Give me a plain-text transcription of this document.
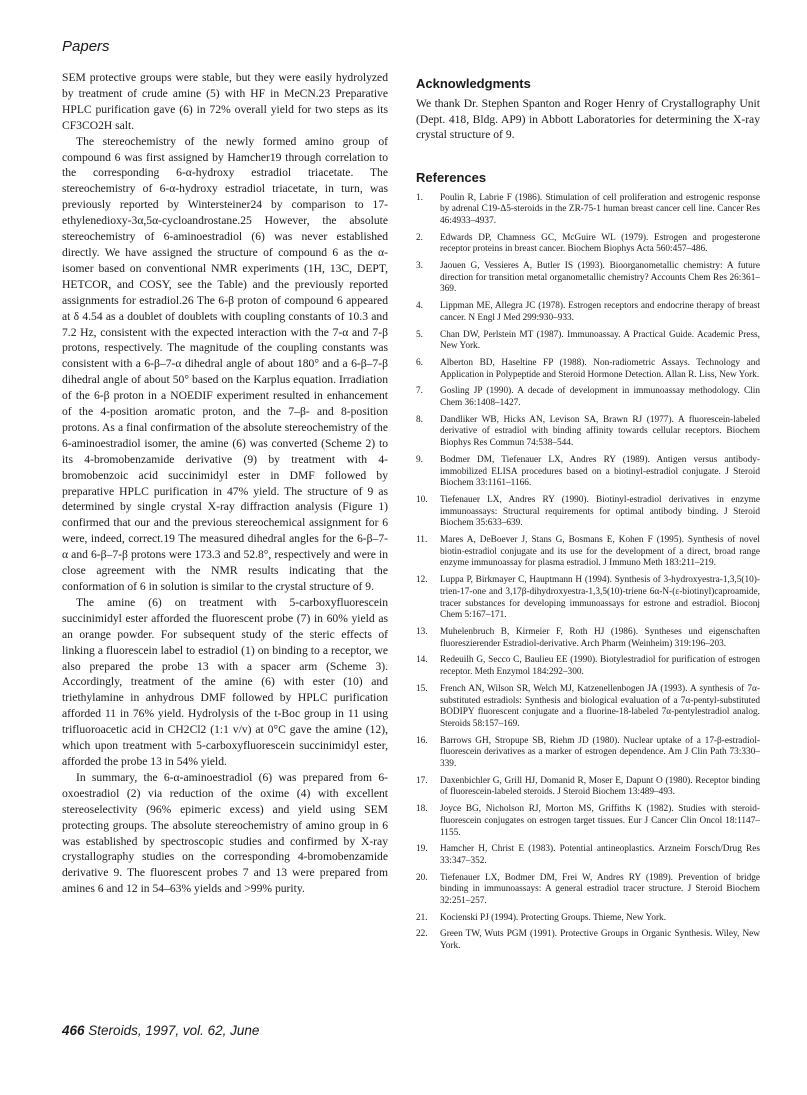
Papers

SEM protective groups were stable, but they were easily hydrolyzed by treatment of crude amine (5) with HF in MeCN.23 Preparative HPLC purification gave (6) in 72% overall yield for two steps as its CF3CO2H salt.

The stereochemistry of the newly formed amino group of compound 6 was first assigned by Hamcher19 through correlation to the corresponding 6-α-hydroxy estradiol triacetate. The stereochemistry of 6-α-hydroxy estradiol triacetate, in turn, was previously reported by Wintersteiner24 by comparison to 17-ethylenedioxy-3α,5α-cycloandrostane.25 However, the absolute stereochemistry of 6-aminoestradiol (6) was never established directly. We have assigned the structure of compound 6 as the α-isomer based on conventional NMR experiments (1H, 13C, DEPT, HETCOR, and COSY, see the Table) and the previously reported assignments for estradiol.26 The 6-β proton of compound 6 appeared at δ 4.54 as a doublet of doublets with coupling constants of 10.3 and 7.2 Hz, consistent with the expected interaction with the 7-α and 7-β protons, respectively. The magnitude of the coupling constants was consistent with a 6-β–7-α dihedral angle of about 180° and a 6-β–7-β dihedral angle of about 50° based on the Karplus equation. Irradiation of the 6-β proton in a NOEDIF experiment resulted in enhancement of the 4-position aromatic proton, and the 7–β- and 8-position protons. As a final confirmation of the absolute stereochemistry of the 6-aminoestradiol isomer, the amine (6) was converted (Scheme 2) to its 4-bromobenzamide derivative (9) by treatment with 4-bromobenzoic acid succinimidyl ester in DMF followed by preparative HPLC purification in 47% yield. The structure of 9 as determined by single crystal X-ray diffraction analysis (Figure 1) confirmed that our and the previous stereochemical assignment for 6 were, indeed, correct.19 The measured dihedral angles for the 6-β–7-α and 6-β–7-β protons were 173.3 and 52.8°, respectively and were in close agreement with the NMR results indicating that the conformation of 6 in solution is similar to the crystal structure of 9.

The amine (6) on treatment with 5-carboxyfluorescein succinimidyl ester afforded the fluorescent probe (7) in 60% yield as an orange powder. For subsequent study of the steric effects of linking a fluorescein label to estradiol (1) on binding to a receptor, we also prepared the probe 13 with a spacer arm (Scheme 3). Accordingly, treatment of the amine (6) with ester (10) and triethylamine in anhydrous DMF followed by HPLC purification afforded 11 in 76% yield. Hydrolysis of the t-Boc group in 11 using trifluoroacetic acid in CH2Cl2 (1:1 v/v) at 0°C gave the amine (12), which upon treatment with 5-carboxyfluorescein succinimidyl ester, afforded the probe 13 in 54% yield.

In summary, the 6-α-aminoestradiol (6) was prepared from 6-oxoestradiol (2) via reduction of the oxime (4) with excellent stereoselectivity (96% epimeric excess) and yield using SEM protecting groups. The absolute stereochemistry of amino group in 6 was established by spectroscopic studies and confirmed by X-ray crystallography studies on the corresponding 4-bromobenzamide derivative 9. The fluorescent probes 7 and 13 were prepared from amines 6 and 12 in 54–63% yields and >99% purity.

Acknowledgments

We thank Dr. Stephen Spanton and Roger Henry of Crystallography Unit (Dept. 418, Bldg. AP9) in Abbott Laboratories for determining the X-ray crystal structure of 9.

References
1.	Poulin R, Labrie F (1986). Stimulation of cell proliferation and estrogenic response by adrenal C19-Δ5-steroids in the ZR-75-1 human breast cancer cell line. Cancer Res 46:4933–4937.
2.	Edwards DP, Chamness GC, McGuire WL (1979). Estrogen and progesterone receptor proteins in breast cancer. Biochem Biophys Acta 560:457–486.
3.	Jaouen G, Vessieres A, Butler IS (1993). Bioorganometallic chemistry: A future direction for transition metal organometallic chemistry? Accounts Chem Res 26:361–369.
4.	Lippman ME, Allegra JC (1978). Estrogen receptors and endocrine therapy of breast cancer. N Engl J Med 299:930–933.
5.	Chan DW, Perlstein MT (1987). Immunoassay. A Practical Guide. Academic Press, New York.
6.	Alberton BD, Haseltine FP (1988). Non-radiometric Assays. Technology and Application in Polypeptide and Steroid Hormone Detection. Allan R. Liss, New York.
7.	Gosling JP (1990). A decade of development in immunoassay methodology. Clin Chem 36:1408–1427.
8.	Dandliker WB, Hicks AN, Levison SA, Brawn RJ (1977). A fluorescein-labeled derivative of estradiol with binding affinity towards cellular receptors. Biochem Biophys Res Commun 74:538–544.
9.	Bodmer DM, Tiefenauer LX, Andres RY (1989). Antigen versus antibody-immobilized ELISA procedures based on a biotinyl-estradiol conjugate. J Steroid Biochem 33:1161–1166.
10.	Tiefenauer LX, Andres RY (1990). Biotinyl-estradiol derivatives in enzyme immunoassays: Structural requirements for optimal antibody binding. J Steroid Biochem 35:633–639.
11.	Mares A, DeBoever J, Stans G, Bosmans E, Kohen F (1995). Synthesis of novel biotin-estradiol conjugate and its use for the development of a direct, broad range enzyme immunoassay for plasma estradiol. J Immuno Meth 183:211–219.
12.	Luppa P, Birkmayer C, Hauptmann H (1994). Synthesis of 3-hydroxyestra-1,3,5(10)-trien-17-one and 3,17β-dihydroxyestra-1,3,5(10)-triene 6α-N-(ε-biotinyl)caproamide, tracer substances for developing immunoassays for estrone and estradiol. Bioconj Chem 5:167–171.
13.	Muhelenbruch B, Kirmeier F, Roth HJ (1986). Syntheses und eigenschaften fluoreszierender Estradiol-derivative. Arch Pharm (Weinheim) 319:196–203.
14.	Redeuilh G, Secco C, Baulieu EE (1990). Biotylestradiol for purification of estrogen receptor. Meth Enzymol 184:292–300.
15.	French AN, Wilson SR, Welch MJ, Katzenellenbogen JA (1993). A synthesis of 7α-substituted estradiols: Synthesis and biological evaluation of a 7α-pentyl-substituted BODIPY fluorescent conjugate and a fluorine-18-labeled 7α-pentylestradiol analog. Steroids 58:157–169.
16.	Barrows GH, Stropupe SB, Riehm JD (1980). Nuclear uptake of a 17-β-estradiol-fluorescein derivatives as a marker of estrogen dependence. Am J Clin Path 73:330–339.
17.	Daxenbichler G, Grill HJ, Domanid R, Moser E, Dapunt O (1980). Receptor binding of fluorescein-labeled steroids. J Steroid Biochem 13:489–493.
18.	Joyce BG, Nicholson RJ, Morton MS, Griffiths K (1982). Studies with steroid-fluorescein conjugates on estrogen target tissues. Eur J Cancer Clin Oncol 18:1147–1155.
19.	Hamcher H, Christ E (1983). Potential antineoplastics. Arzneim Forsch/Drug Res 33:347–352.
20.	Tiefenauer LX, Bodmer DM, Frei W, Andres RY (1989). Prevention of bridge binding in immunoassays: A general estradiol tracer structure. J Steroid Biochem 32:251–257.
21.	Kocienski PJ (1994). Protecting Groups. Thieme, New York.
22.	Green TW, Wuts PGM (1991). Protective Groups in Organic Synthesis. Wiley, New York.
466 Steroids, 1997, vol. 62, June
